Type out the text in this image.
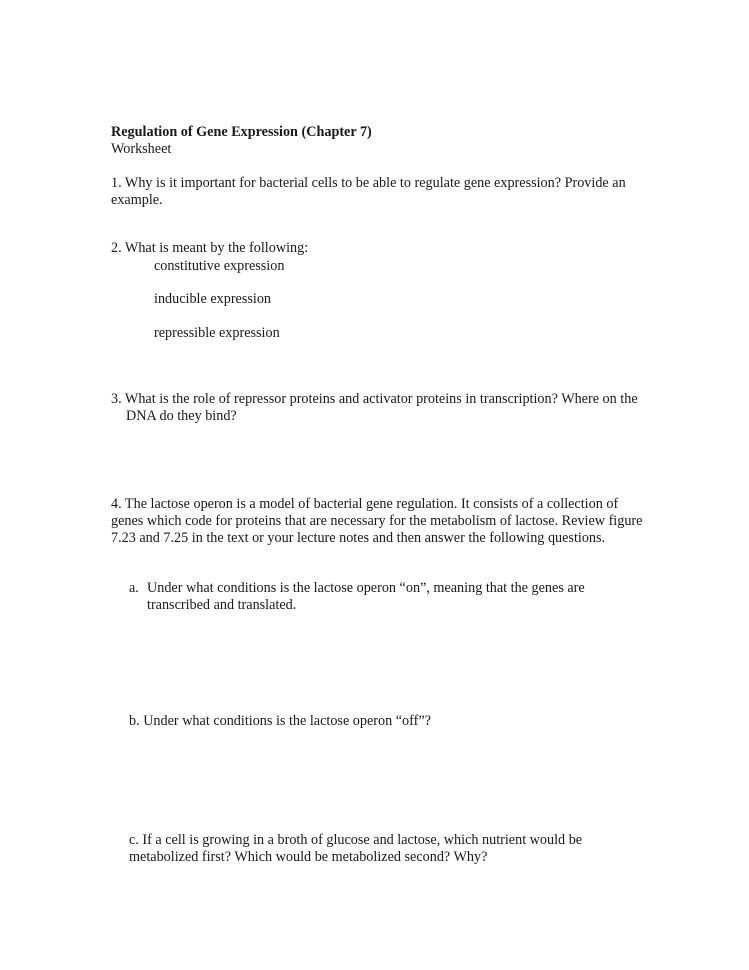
Regulation of Gene Expression (Chapter 7)
Worksheet
1. Why is it important for bacterial cells to be able to regulate gene expression? Provide an example.
2. What is meant by the following:
constitutive expression
inducible expression
repressible expression
3. What is the role of repressor proteins and activator proteins in transcription? Where on the DNA do they bind?
4. The lactose operon is a model of bacterial gene regulation. It consists of a collection of genes which code for proteins that are necessary for the metabolism of lactose. Review figure 7.23 and 7.25 in the text or your lecture notes and then answer the following questions.
a. Under what conditions is the lactose operon “on”, meaning that the genes are transcribed and translated.
b. Under what conditions is the lactose operon “off”?
c. If a cell is growing in a broth of glucose and lactose, which nutrient would be metabolized first? Which would be metabolized second? Why?
